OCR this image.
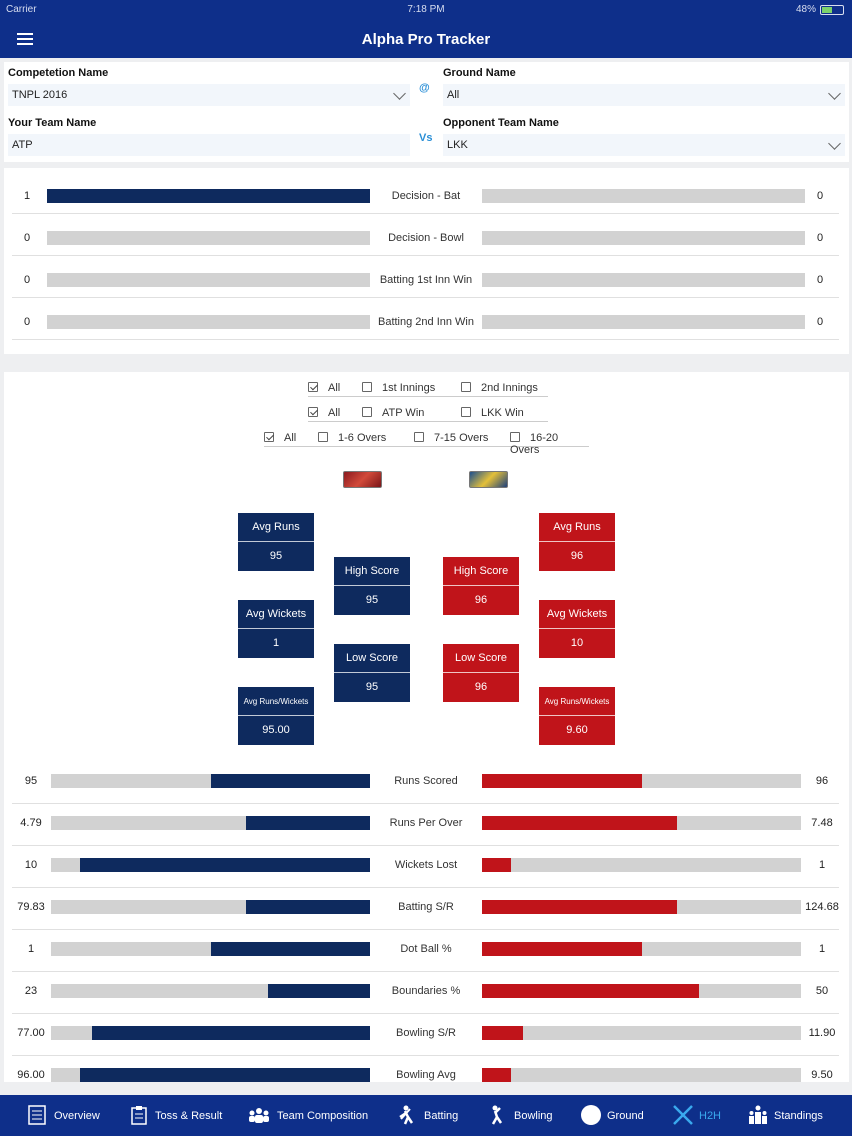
Carrier	7:18 PM	48%
Alpha Pro Tracker
Competetion Name
TNPL 2016
@
Ground Name
All
Your Team Name
ATP
Vs
Opponent Team Name
LKK
1	Decision - Bat	0
0	Decision - Bowl	0
0	Batting 1st Inn Win	0
0	Batting 2nd Inn Win	0
All	1st Innings	2nd Innings
All	ATP Win	LKK Win
All	1-6 Overs	7-15 Overs	16-20 Overs
Avg Runs
95
Avg Wickets
1
Avg Runs/Wickets
95.00
High Score
95
Low Score
95
High Score
96
Low Score
96
Avg Runs
96
Avg Wickets
10
Avg Runs/Wickets
9.60
95	Runs Scored	96
4.79	Runs Per Over	7.48
10	Wickets Lost	1
79.83	Batting S/R	124.68
1	Dot Ball %	1
23	Boundaries %	50
77.00	Bowling S/R	11.90
96.00	Bowling Avg	9.50
Overview	Toss & Result	Team Composition	Batting	Bowling	Ground	H2H	Standings
